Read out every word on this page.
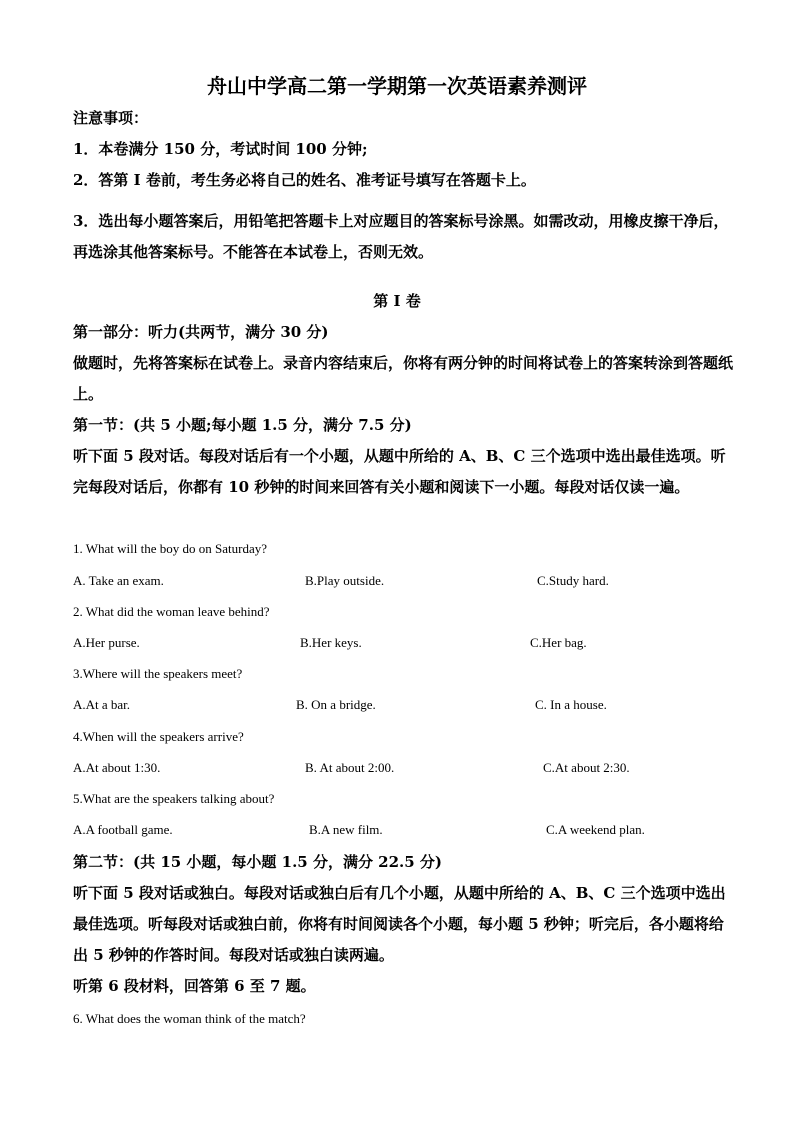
舟山中学高二第一学期第一次英语素养测评

注意事项：

1．本卷满分 150 分，考试时间 100 分钟;

2．答第 I 卷前，考生务必将自己的姓名、准考证号填写在答题卡上。

3．选出每小题答案后，用铅笔把答题卡上对应题目的答案标号涂黑。如需改动，用橡皮擦干净后，再选涂其他答案标号。不能答在本试卷上，否则无效。

第 I 卷

第一部分：听力(共两节，满分 30 分)

做题时，先将答案标在试卷上。录音内容结束后，你将有两分钟的时间将试卷上的答案转涂到答题纸上。

第一节：(共 5 小题;每小题 1.5 分，满分 7.5 分)

听下面 5 段对话。每段对话后有一个小题，从题中所给的 A、B、C 三个选项中选出最佳选项。听完每段对话后，你都有 10 秒钟的时间来回答有关小题和阅读下一小题。每段对话仅读一遍。

1. What will the boy do on Saturday?

A. Take an exam.	B.Play outside.	C.Study hard.

2. What did the woman leave behind?

A.Her purse.	B.Her keys.	C.Her bag.

3.Where will the speakers meet?

A.At a bar.	B. On a bridge.	C. In a house.

4.When will the speakers arrive?

A.At about 1:30.	B. At about 2:00.	C.At about 2:30.

5.What are the speakers talking about?

A.A football game.	B.A new film.	C.A weekend plan.

第二节：(共 15 小题，每小题 1.5 分，满分 22.5 分)

听下面 5 段对话或独白。每段对话或独白后有几个小题，从题中所给的 A、B、C 三个选项中选出最佳选项。听每段对话或独白前，你将有时间阅读各个小题，每小题 5 秒钟；听完后，各小题将给出 5 秒钟的作答时间。每段对话或独白读两遍。

听第 6 段材料，回答第 6 至 7 题。

6. What does the woman think of the match?
